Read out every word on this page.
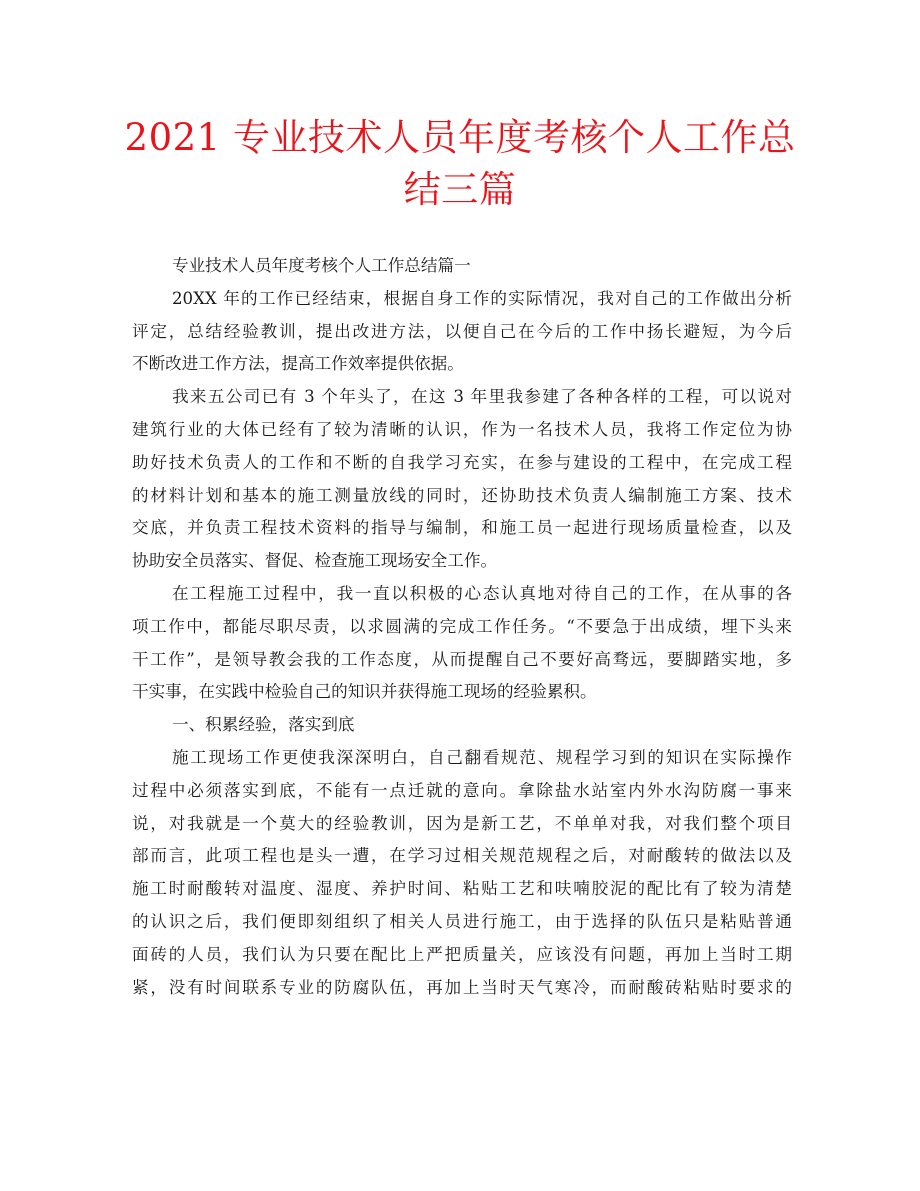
2021 专业技术人员年度考核个人工作总
结三篇
专业技术人员年度考核个人工作总结篇一
20XX 年的工作已经结束，根据自身工作的实际情况，我对自己的工作做出分析
评定，总结经验教训，提出改进方法，以便自己在今后的工作中扬长避短，为今后
不断改进工作方法，提高工作效率提供依据。
我来五公司已有 3 个年头了，在这 3 年里我参建了各种各样的工程，可以说对
建筑行业的大体已经有了较为清晰的认识，作为一名技术人员，我将工作定位为协
助好技术负责人的工作和不断的自我学习充实，在参与建设的工程中，在完成工程
的材料计划和基本的施工测量放线的同时，还协助技术负责人编制施工方案、技术
交底，并负责工程技术资料的指导与编制，和施工员一起进行现场质量检查，以及
协助安全员落实、督促、检查施工现场安全工作。
在工程施工过程中，我一直以积极的心态认真地对待自己的工作，在从事的各
项工作中，都能尽职尽责，以求圆满的完成工作任务。“不要急于出成绩，埋下头来
干工作”，是领导教会我的工作态度，从而提醒自己不要好高骛远，要脚踏实地，多
干实事，在实践中检验自己的知识并获得施工现场的经验累积。
一、积累经验，落实到底
施工现场工作更使我深深明白，自己翻看规范、规程学习到的知识在实际操作
过程中必须落实到底，不能有一点迁就的意向。拿除盐水站室内外水沟防腐一事来
说，对我就是一个莫大的经验教训，因为是新工艺，不单单对我，对我们整个项目
部而言，此项工程也是头一遭，在学习过相关规范规程之后，对耐酸转的做法以及
施工时耐酸转对温度、湿度、养护时间、粘贴工艺和呋喃胶泥的配比有了较为清楚
的认识之后，我们便即刻组织了相关人员进行施工，由于选择的队伍只是粘贴普通
面砖的人员，我们认为只要在配比上严把质量关，应该没有问题，再加上当时工期
紧，没有时间联系专业的防腐队伍，再加上当时天气寒冷，而耐酸砖粘贴时要求的
